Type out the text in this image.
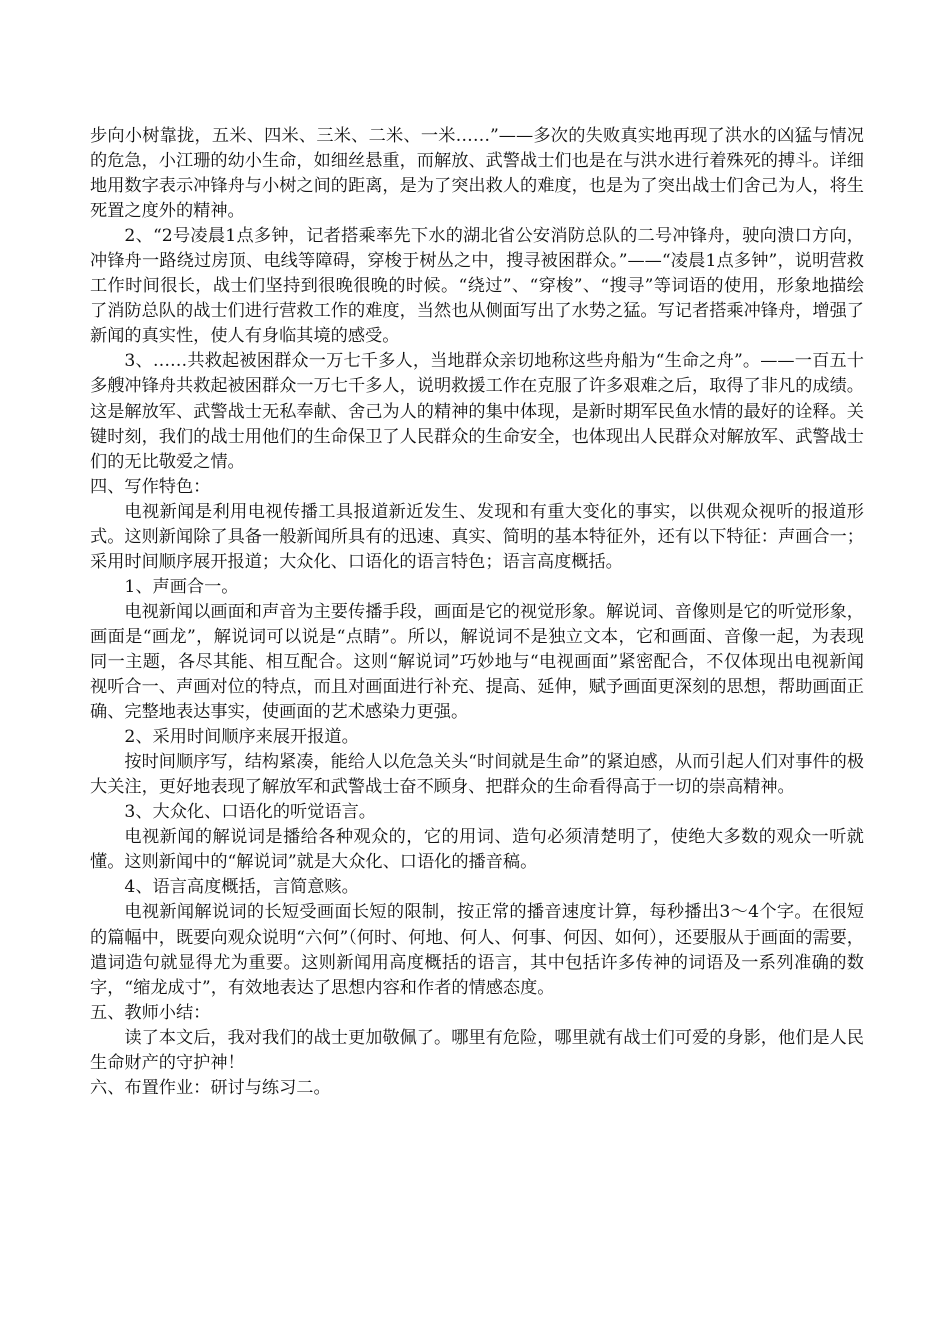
步向小树靠拢，五米、四米、三米、二米、一米……”——多次的失败真实地再现了洪水的凶猛与情况的危急，小江珊的幼小生命，如细丝悬重，而解放、武警战士们也是在与洪水进行着殊死的搏斗。详细地用数字表示冲锋舟与小树之间的距离，是为了突出救人的难度，也是为了突出战士们舍己为人，将生死置之度外的精神。

2、“2号凌晨1点多钟，记者搭乘率先下水的湖北省公安消防总队的二号冲锋舟，驶向溃口方向，冲锋舟一路绕过房顶、电线等障碍，穿梭于树丛之中，搜寻被困群众。”——“凌晨1点多钟”，说明营救工作时间很长，战士们坚持到很晚很晚的时候。“绕过”、“穿梭”、“搜寻”等词语的使用，形象地描绘了消防总队的战士们进行营救工作的难度，当然也从侧面写出了水势之猛。写记者搭乘冲锋舟，增强了新闻的真实性，使人有身临其境的感受。

3、……共救起被困群众一万七千多人，当地群众亲切地称这些舟船为“生命之舟”。——一百五十多艘冲锋舟共救起被困群众一万七千多人，说明救援工作在克服了许多艰难之后，取得了非凡的成绩。这是解放军、武警战士无私奉献、舍己为人的精神的集中体现，是新时期军民鱼水情的最好的诠释。关键时刻，我们的战士用他们的生命保卫了人民群众的生命安全，也体现出人民群众对解放军、武警战士们的无比敬爱之情。

四、写作特色：

电视新闻是利用电视传播工具报道新近发生、发现和有重大变化的事实，以供观众视听的报道形式。这则新闻除了具备一般新闻所具有的迅速、真实、简明的基本特征外，还有以下特征：声画合一；采用时间顺序展开报道；大众化、口语化的语言特色；语言高度概括。

1、声画合一。

电视新闻以画面和声音为主要传播手段，画面是它的视觉形象。解说词、音像则是它的听觉形象，画面是“画龙”，解说词可以说是“点睛”。所以，解说词不是独立文本，它和画面、音像一起，为表现同一主题，各尽其能、相互配合。这则“解说词”巧妙地与“电视画面”紧密配合，不仅体现出电视新闻视听合一、声画对位的特点，而且对画面进行补充、提高、延伸，赋予画面更深刻的思想，帮助画面正确、完整地表达事实，使画面的艺术感染力更强。

2、采用时间顺序来展开报道。

按时间顺序写，结构紧凑，能给人以危急关头“时间就是生命”的紧迫感，从而引起人们对事件的极大关注，更好地表现了解放军和武警战士奋不顾身、把群众的生命看得高于一切的崇高精神。

3、大众化、口语化的听觉语言。

电视新闻的解说词是播给各种观众的，它的用词、造句必须清楚明了，使绝大多数的观众一听就懂。这则新闻中的“解说词”就是大众化、口语化的播音稿。

4、语言高度概括，言简意赅。

电视新闻解说词的长短受画面长短的限制，按正常的播音速度计算，每秒播出3～4个字。在很短的篇幅中，既要向观众说明“六何”（何时、何地、何人、何事、何因、如何），还要服从于画面的需要，遣词造句就显得尤为重要。这则新闻用高度概括的语言，其中包括许多传神的词语及一系列准确的数字，“缩龙成寸”，有效地表达了思想内容和作者的情感态度。

五、教师小结：

读了本文后，我对我们的战士更加敬佩了。哪里有危险，哪里就有战士们可爱的身影，他们是人民生命财产的守护神！

六、布置作业：研讨与练习二。
